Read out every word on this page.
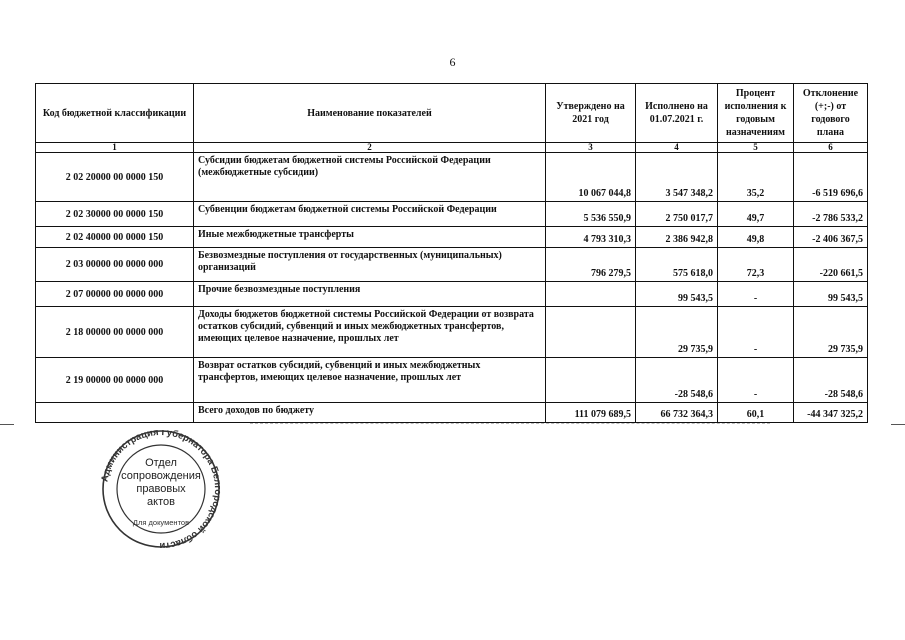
6
Код бюджетной классификации	Наименование показателей	Утверждено на 2021 год	Исполнено на 01.07.2021 г.	Процент исполнения к годовым назначениям	Отклонение (+;-) от годового плана
1	2	3	4	5	6
2 02 20000 00 0000 150	Субсидии бюджетам бюджетной системы Российской Федерации (межбюджетные субсидии)	10 067 044,8	3 547 348,2	35,2	-6 519 696,6
2 02 30000 00 0000 150	Субвенции бюджетам бюджетной системы Российской Федерации	5 536 550,9	2 750 017,7	49,7	-2 786 533,2
2 02 40000 00 0000 150	Иные межбюджетные трансферты	4 793 310,3	2 386 942,8	49,8	-2 406 367,5
2 03 00000 00 0000 000	Безвозмездные поступления от государственных (муниципальных) организаций	796 279,5	575 618,0	72,3	-220 661,5
2 07 00000 00 0000 000	Прочие безвозмездные поступления		99 543,5	-	99 543,5
2 18 00000 00 0000 000	Доходы бюджетов бюджетной системы Российской Федерации от возврата остатков субсидий, субвенций и иных межбюджетных трансфертов, имеющих целевое назначение, прошлых лет		29 735,9	-	29 735,9
2 19 00000 00 0000 000	Возврат остатков субсидий, субвенций и иных межбюджетных трансфертов, имеющих целевое назначение, прошлых лет		-28 548,6	-	-28 548,6
	Всего доходов по бюджету	111 079 689,5	66 732 364,3	60,1	-44 347 325,2
Администрация Губернатора Белгородской области
Для документов
Отдел
сопровождения
правовых
актов
